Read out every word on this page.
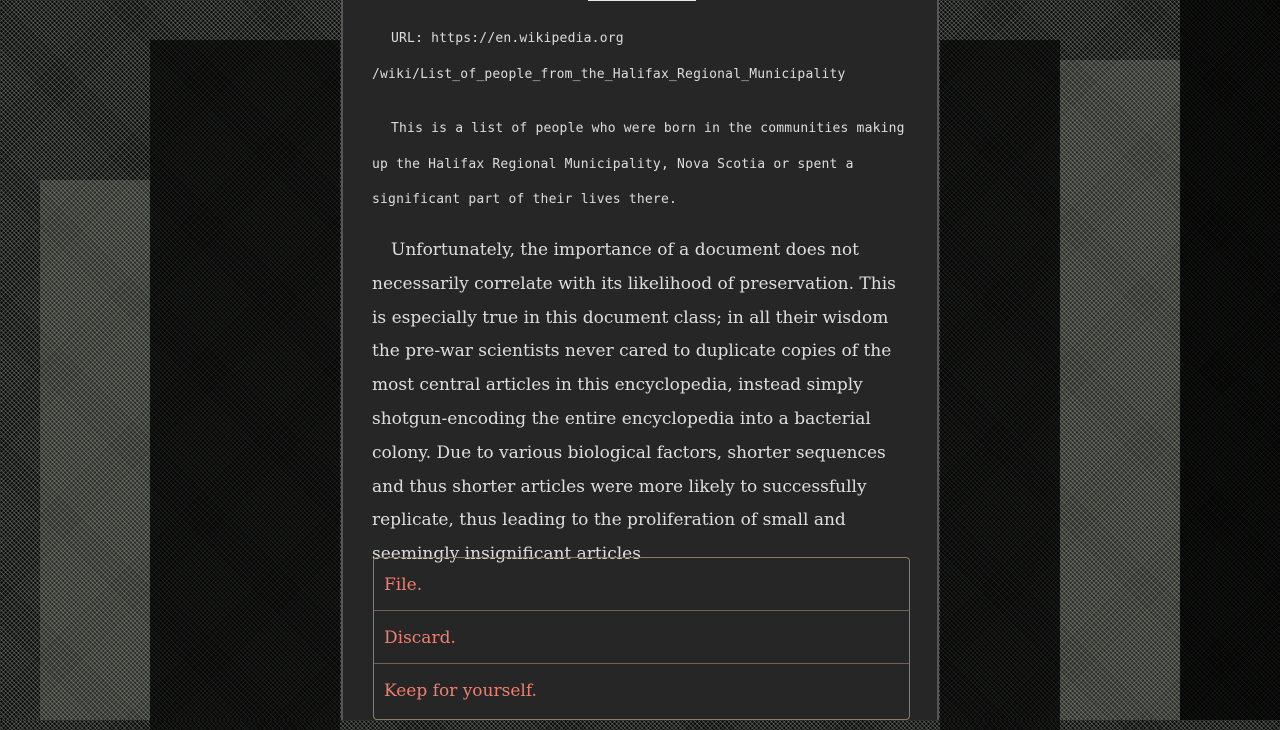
URL: https://en.wikipedia.org
/wiki/List_of_people_from_the_Halifax_Regional_Municipality
This is a list of people who were born in the communities making up the Halifax Regional Municipality, Nova Scotia or spent a significant part of their lives there.
Unfortunately, the importance of a document does not necessarily correlate with its likelihood of preservation. This is especially true in this document class; in all their wisdom the pre-war scientists never cared to duplicate copies of the most central articles in this encyclopedia, instead simply shotgun-encoding the entire encyclopedia into a bacterial colony. Due to various biological factors, shorter sequences and thus shorter articles were more likely to successfully replicate, thus leading to the proliferation of small and seemingly insignificant articles
File.
Discard.
Keep for yourself.
